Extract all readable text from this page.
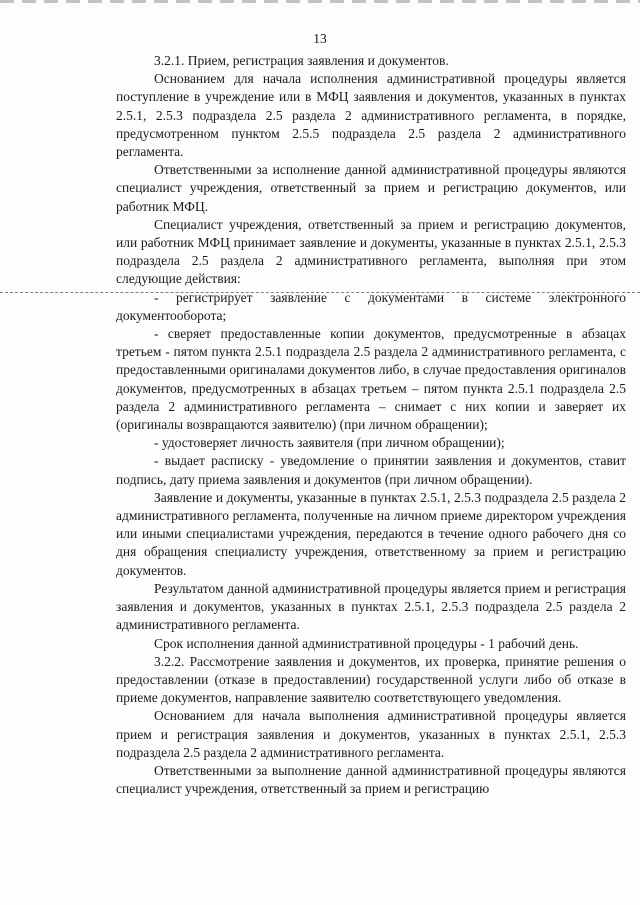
13

3.2.1. Прием, регистрация заявления и документов.

Основанием для начала исполнения административной процедуры является поступление в учреждение или в МФЦ заявления и документов, указанных в пунктах 2.5.1, 2.5.3 подраздела 2.5 раздела 2 административного регламента, в порядке, предусмотренном пунктом 2.5.5 подраздела 2.5 раздела 2 административного регламента.

Ответственными за исполнение данной административной процедуры являются специалист учреждения, ответственный за прием и регистрацию документов, или работник МФЦ.

Специалист учреждения, ответственный за прием и регистрацию документов, или работник МФЦ принимает заявление и документы, указанные в пунктах 2.5.1, 2.5.3 подраздела 2.5 раздела 2 административного регламента, выполняя при этом следующие действия:

- регистрирует заявление с документами в системе электронного документооборота;

- сверяет предоставленные копии документов, предусмотренные в абзацах третьем - пятом пункта 2.5.1 подраздела 2.5 раздела 2 административного регламента, с предоставленными оригиналами документов либо, в случае предоставления оригиналов документов, предусмотренных в абзацах третьем – пятом пункта 2.5.1 подраздела 2.5 раздела 2 административного регламента – снимает с них копии и заверяет их (оригиналы возвращаются заявителю) (при личном обращении);

- удостоверяет личность заявителя (при личном обращении);

- выдает расписку - уведомление о принятии заявления и документов, ставит подпись, дату приема заявления и документов (при личном обращении).

Заявление и документы, указанные в пунктах 2.5.1, 2.5.3 подраздела 2.5 раздела 2 административного регламента, полученные на личном приеме директором учреждения или иными специалистами учреждения, передаются в течение одного рабочего дня со дня обращения специалисту учреждения, ответственному за прием и регистрацию документов.

Результатом данной административной процедуры является прием и регистрация заявления и документов, указанных в пунктах 2.5.1, 2.5.3 подраздела 2.5 раздела 2 административного регламента.

Срок исполнения данной административной процедуры - 1 рабочий день.

3.2.2. Рассмотрение заявления и документов, их проверка, принятие решения о предоставлении (отказе в предоставлении) государственной услуги либо об отказе в приеме документов, направление заявителю соответствующего уведомления.

Основанием для начала выполнения административной процедуры является прием и регистрация заявления и документов, указанных в пунктах 2.5.1, 2.5.3 подраздела 2.5 раздела 2 административного регламента.

Ответственными за выполнение данной административной процедуры являются специалист учреждения, ответственный за прием и регистрацию
